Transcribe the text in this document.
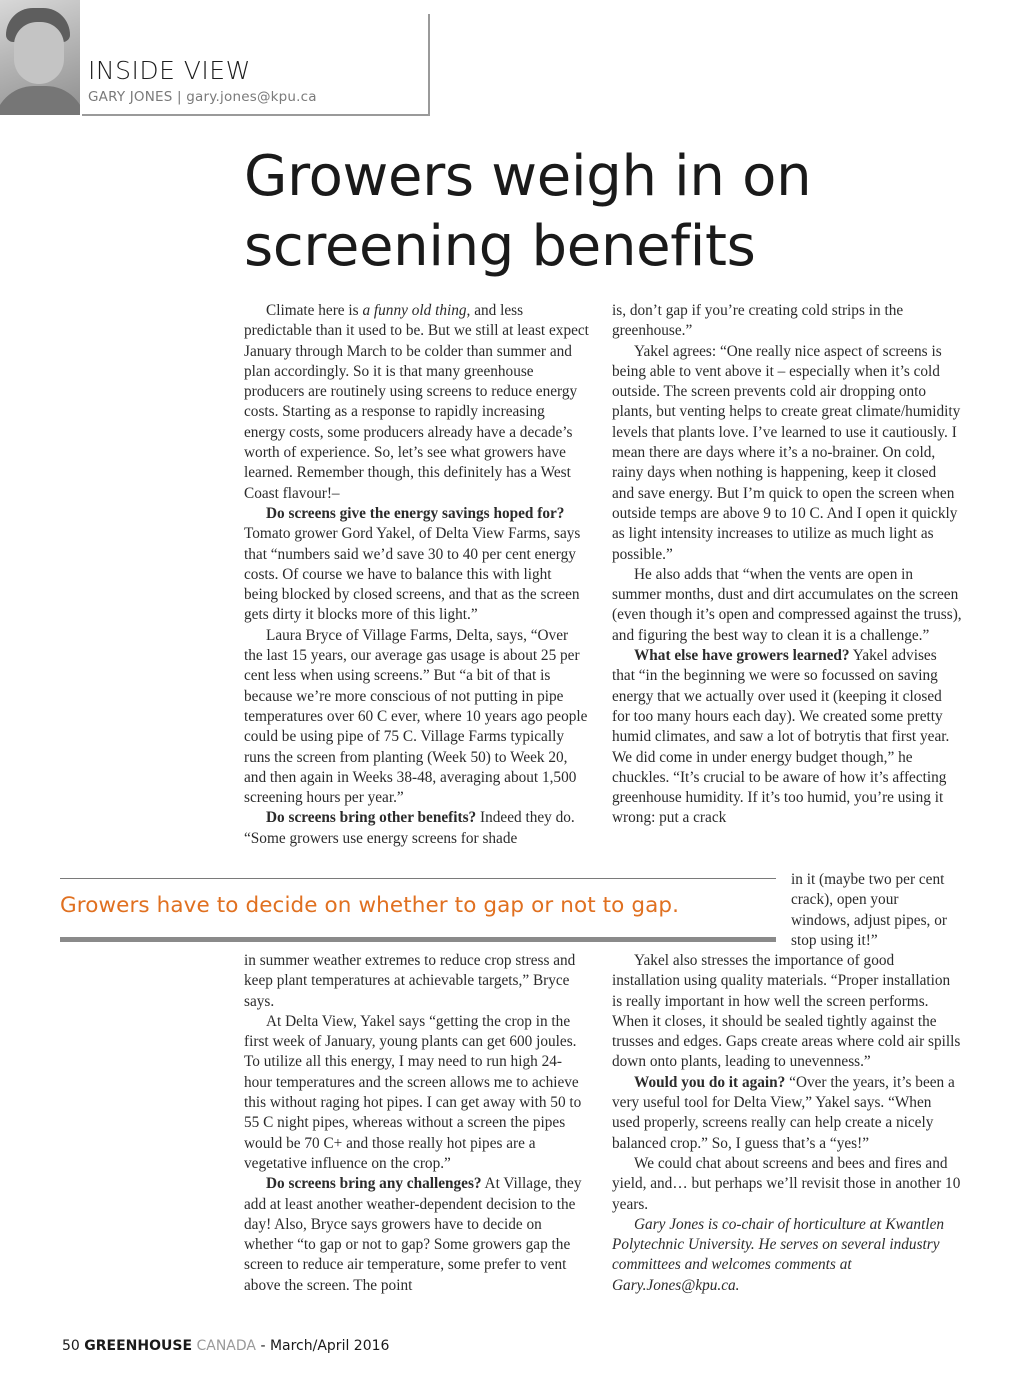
INSIDE VIEW
GARY JONES | gary.jones@kpu.ca
Growers weigh in on screening benefits

Climate here is a funny old thing, and less predictable than it used to be. But we still at least expect January through March to be colder than summer and plan accordingly. So it is that many greenhouse producers are routinely using screens to reduce energy costs. Starting as a response to rapidly increasing energy costs, some producers already have a decade’s worth of experience. So, let’s see what growers have learned. Remember though, this definitely has a West Coast flavour!–

Do screens give the energy savings hoped for? Tomato grower Gord Yakel, of Delta View Farms, says that “numbers said we’d save 30 to 40 per cent energy costs. Of course we have to balance this with light being blocked by closed screens, and that as the screen gets dirty it blocks more of this light.”

Laura Bryce of Village Farms, Delta, says, “Over the last 15 years, our average gas usage is about 25 per cent less when using screens.” But “a bit of that is because we’re more conscious of not putting in pipe temperatures over 60 C ever, where 10 years ago people could be using pipe of 75 C. Village Farms typically runs the screen from planting (Week 50) to Week 20, and then again in Weeks 38-48, averaging about 1,500 screening hours per year.”

Do screens bring other benefits? Indeed they do. “Some growers use energy screens for shade

in summer weather extremes to reduce crop stress and keep plant temperatures at achievable targets,” Bryce says.

At Delta View, Yakel says “getting the crop in the first week of January, young plants can get 600 joules. To utilize all this energy, I may need to run high 24-hour temperatures and the screen allows me to achieve this without raging hot pipes. I can get away with 50 to 55 C night pipes, whereas without a screen the pipes would be 70 C+ and those really hot pipes are a vegetative influence on the crop.”

Do screens bring any challenges? At Village, they add at least another weather-dependent decision to the day! Also, Bryce says growers have to decide on whether “to gap or not to gap? Some growers gap the screen to reduce air temperature, some prefer to vent above the screen. The point

is, don’t gap if you’re creating cold strips in the greenhouse.”

Yakel agrees: “One really nice aspect of screens is being able to vent above it – especially when it’s cold outside. The screen prevents cold air dropping onto plants, but venting helps to create great climate/humidity levels that plants love. I’ve learned to use it cautiously. I mean there are days where it’s a no-brainer. On cold, rainy days when nothing is happening, keep it closed and save energy. But I’m quick to open the screen when outside temps are above 9 to 10 C. And I open it quickly as light intensity increases to utilize as much light as possible.”

He also adds that “when the vents are open in summer months, dust and dirt accumulates on the screen (even though it’s open and compressed against the truss), and figuring the best way to clean it is a challenge.”

What else have growers learned? Yakel advises that “in the beginning we were so focussed on saving energy that we actually over used it (keeping it closed for too many hours each day). We created some pretty humid climates, and saw a lot of botrytis that first year. We did come in under energy budget though,” he chuckles. “It’s crucial to be aware of how it’s affecting greenhouse humidity. If it’s too humid, you’re using it wrong: put a crack

in it (maybe two per cent crack), open your windows, adjust pipes, or stop using it!”

Yakel also stresses the importance of good installation using quality materials. “Proper installation is really important in how well the screen performs. When it closes, it should be sealed tightly against the trusses and edges. Gaps create areas where cold air spills down onto plants, leading to unevenness.”

Would you do it again? “Over the years, it’s been a very useful tool for Delta View,” Yakel says. “When used properly, screens really can help create a nicely balanced crop.” So, I guess that’s a “yes!”

We could chat about screens and bees and fires and yield, and… but perhaps we’ll revisit those in another 10 years.

Gary Jones is co-chair of horticulture at Kwantlen Polytechnic University. He serves on several industry committees and welcomes comments at Gary.Jones@kpu.ca.

Growers have to decide on whether to gap or not to gap.
50 GREENHOUSE CANADA - March/April 2016
